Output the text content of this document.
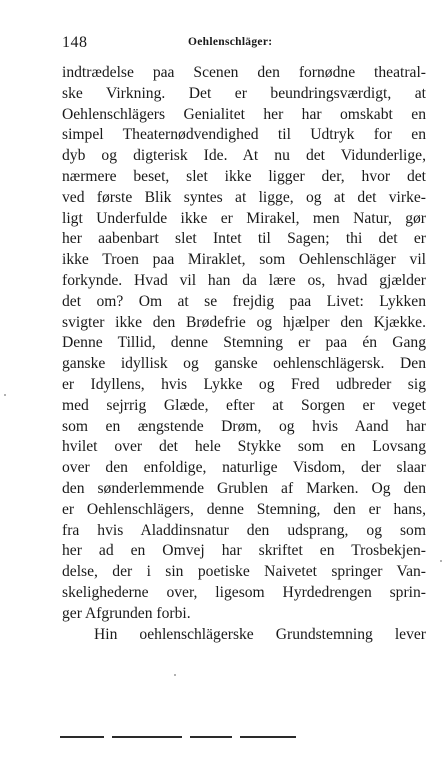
148	Oehlenschläger:
indtrædelse paa Scenen den fornødne theatral-
ske Virkning. Det er beundringsværdigt, at
Oehlenschlägers Genialitet her har omskabt en
simpel Theaternødvendighed til Udtryk for en
dyb og digterisk Ide. At nu det Vidunderlige,
nærmere beset, slet ikke ligger der, hvor det
ved første Blik syntes at ligge, og at det virke-
ligt Underfulde ikke er Mirakel, men Natur, gør
her aabenbart slet Intet til Sagen; thi det er
ikke Troen paa Miraklet, som Oehlenschläger vil
forkynde. Hvad vil han da lære os, hvad gjælder
det om? Om at se frejdig paa Livet: Lykken
svigter ikke den Brødefrie og hjælper den Kjække.
Denne Tillid, denne Stemning er paa én Gang
ganske idyllisk og ganske oehlenschlägersk. Den
er Idyllens, hvis Lykke og Fred udbreder sig
med sejrrig Glæde, efter at Sorgen er veget
som en ængstende Drøm, og hvis Aand har
hvilet over det hele Stykke som en Lovsang
over den enfoldige, naturlige Visdom, der slaar
den sønderlemmende Grublen af Marken. Og den
er Oehlenschlägers, denne Stemning, den er hans,
fra hvis Aladdinsnatur den udsprang, og som
her ad en Omvej har skriftet en Trosbekjen-
delse, der i sin poetiske Naivetet springer Van-
skelighederne over, ligesom Hyrdedrengen sprin-
ger Afgrunden forbi.
Hin oehlenschlägerske Grundstemning lever
